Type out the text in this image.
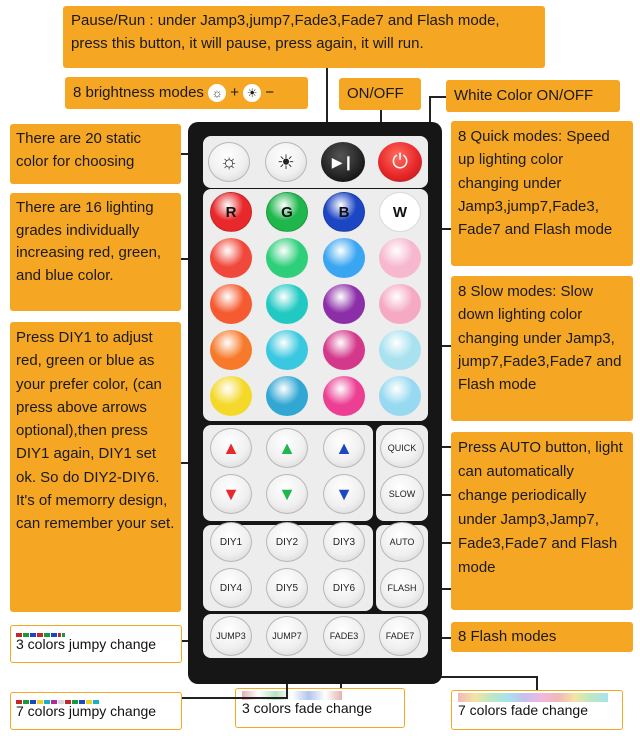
Pause/Run : under Jamp3,jump7,Fade3,Fade7 and Flash mode, press this button, it will pause, press again, it will run.
8 brightness modes ☼ + ☀ −	ON/OFF	White Color ON/OFF
There are 20 static color for choosing
There are 16 lighting grades individually increasing red, green, and blue color.
Press DIY1 to adjust red, green or blue as your prefer color, (can press above arrows optional),then press DIY1 again, DIY1 set ok. So do DIY2-DIY6. It's of memorry design, can remember your set.
8 Quick modes: Speed up lighting color changing under Jamp3,jump7,Fade3, Fade7 and Flash mode
8 Slow modes: Slow down lighting color changing under Jamp3, jump7,Fade3,Fade7 and Flash mode
Press AUTO button, light can automatically change periodically under Jamp3,Jamp7, Fade3,Fade7 and Flash mode
8 Flash modes
3 colors jumpy change
7 colors jumpy change	3 colors fade change	7 colors fade change
☼	☀	▶❙ ⏻
QUICK
SLOW
AUTO
FLASH
R	G	B	W
▲ ▲ ▲
▼ ▼ ▼
DIY1	DIY2	DIY3
DIY4	DIY5	DIY6
JUMP3	JUMP7	FADE3	FADE7
